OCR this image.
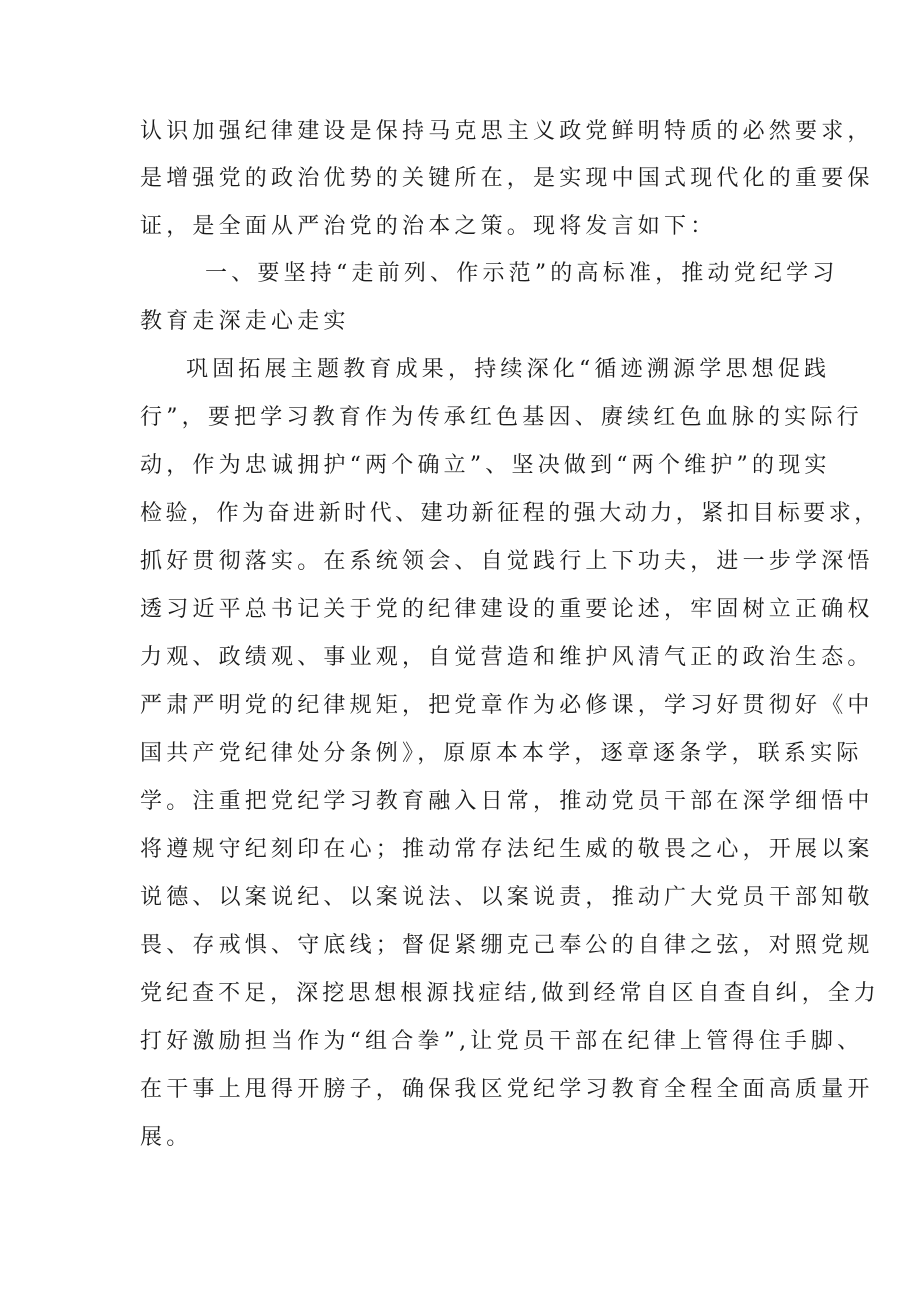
认识加强纪律建设是保持马克思主义政党鲜明特质的必然要求，
是增强党的政治优势的关键所在，是实现中国式现代化的重要保
证，是全面从严治党的治本之策。现将发言如下：
一、要坚持“走前列、作示范”的高标准，推动党纪学习
教育走深走心走实
巩固拓展主题教育成果，持续深化“循迹溯源学思想促践
行”，要把学习教育作为传承红色基因、赓续红色血脉的实际行
动，作为忠诚拥护“两个确立”、坚决做到“两个维护”的现实
检验，作为奋进新时代、建功新征程的强大动力，紧扣目标要求，
抓好贯彻落实。在系统领会、自觉践行上下功夫，进一步学深悟
透习近平总书记关于党的纪律建设的重要论述，牢固树立正确权
力观、政绩观、事业观，自觉营造和维护风清气正的政治生态。
严肃严明党的纪律规矩，把党章作为必修课，学习好贯彻好《中
国共产党纪律处分条例》，原原本本学，逐章逐条学，联系实际
学。注重把党纪学习教育融入日常，推动党员干部在深学细悟中
将遵规守纪刻印在心；推动常存法纪生威的敬畏之心，开展以案
说德、以案说纪、以案说法、以案说责，推动广大党员干部知敬
畏、存戒惧、守底线；督促紧绷克己奉公的自律之弦，对照党规
党纪查不足，深挖思想根源找症结,做到经常自区自查自纠，全力
打好激励担当作为“组合拳”,让党员干部在纪律上管得住手脚、
在干事上甩得开膀子，确保我区党纪学习教育全程全面高质量开
展。
